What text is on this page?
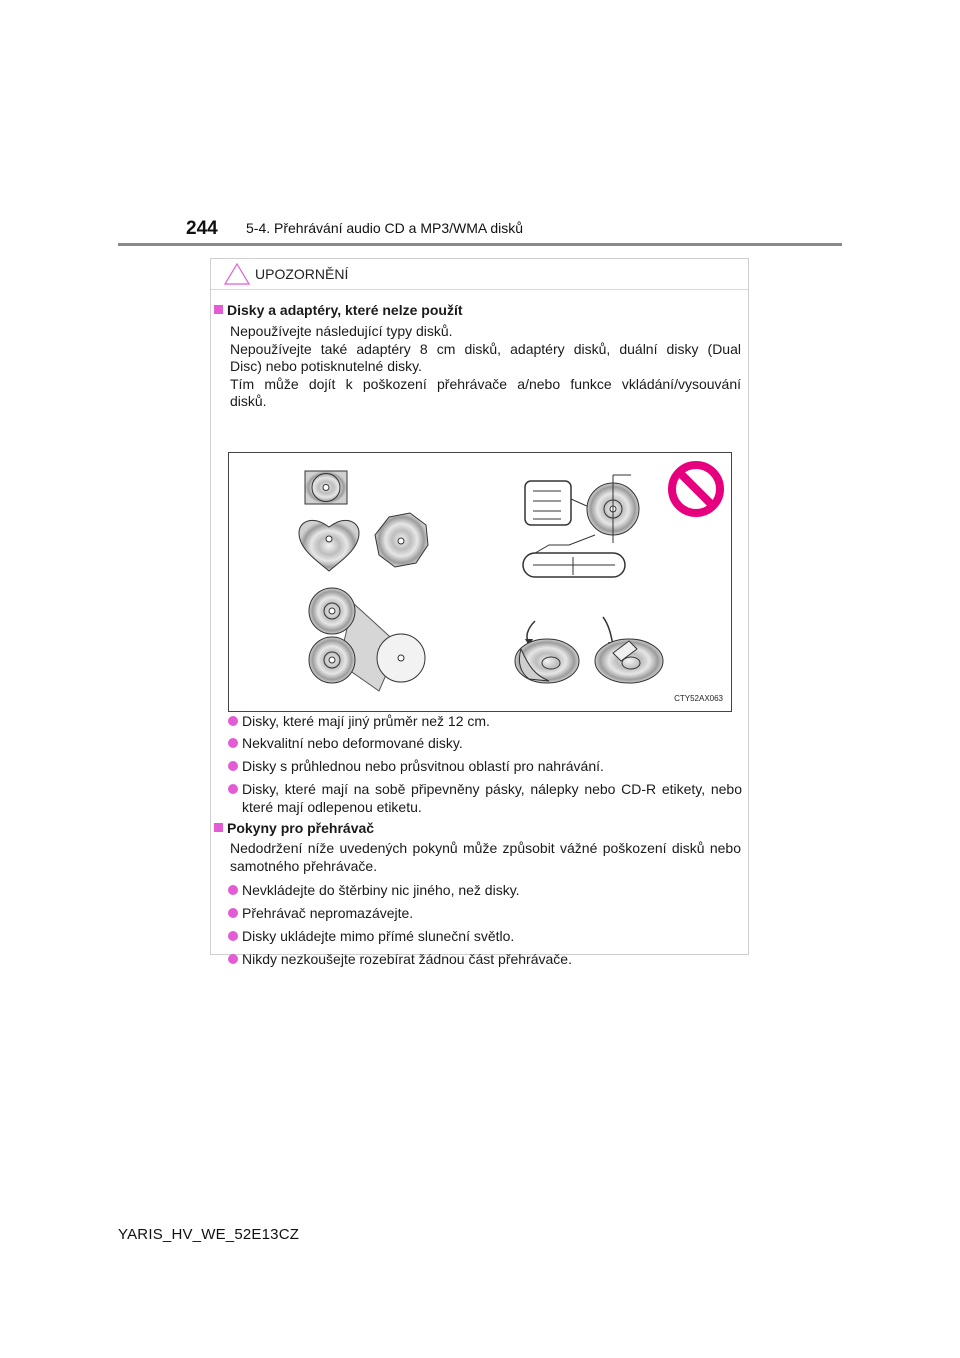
244 5-4. Přehrávání audio CD a MP3/WMA disků
UPOZORNĚNÍ
Disky a adaptéry, které nelze použít
Nepoužívejte následující typy disků.
Nepoužívejte také adaptéry 8 cm disků, adaptéry disků, duální disky (Dual
Disc) nebo potisknutelné disky.
Tím může dojít k poškození přehrávače a/nebo funkce vkládání/vysouvání
disků.
CTY52AX063
Disky, které mají jiný průměr než 12 cm.
Nekvalitní nebo deformované disky.
Disky s průhlednou nebo průsvitnou oblastí pro nahrávání.
Disky, které mají na sobě připevněny pásky, nálepky nebo CD-R etikety, nebo které mají odlepenou etiketu.
Pokyny pro přehrávač
Nedodržení níže uvedených pokynů může způsobit vážné poškození disků nebo samotného přehrávače.
Nevkládejte do štěrbiny nic jiného, než disky.
Přehrávač nepromazávejte.
Disky ukládejte mimo přímé sluneční světlo.
Nikdy nezkoušejte rozebírat žádnou část přehrávače.
YARIS_HV_WE_52E13CZ
